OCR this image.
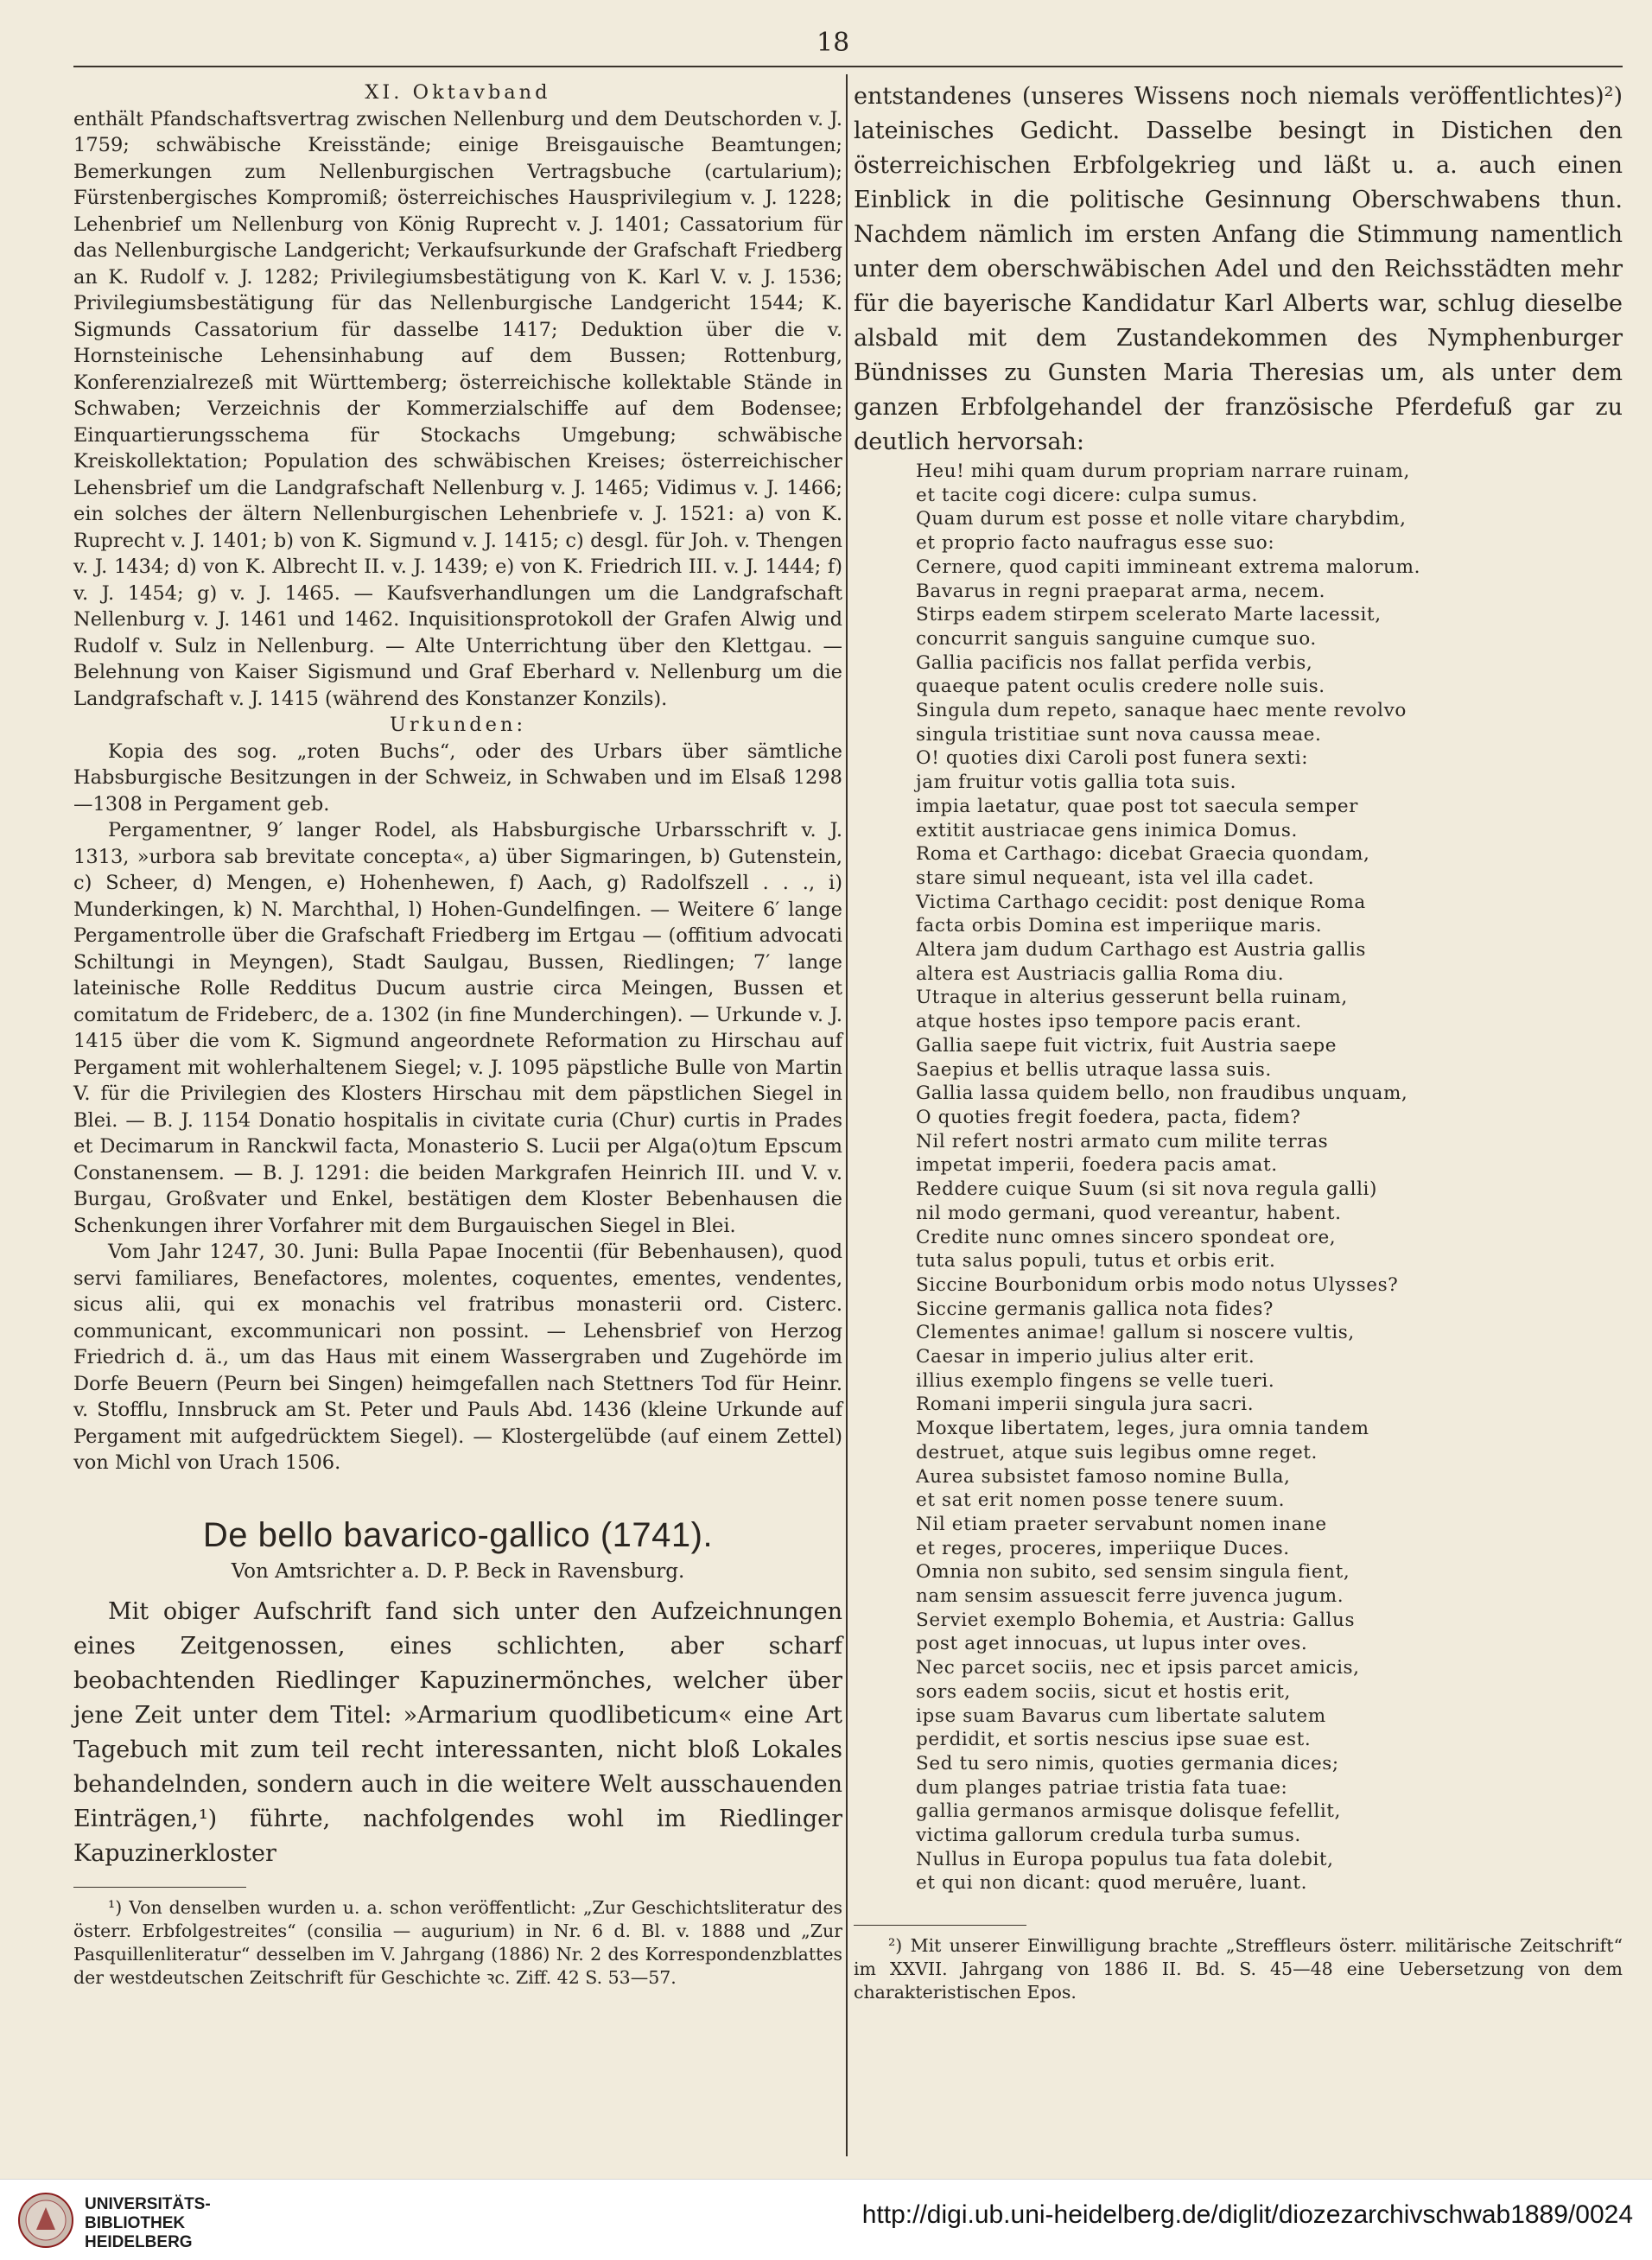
18

XI. Oktavband

enthält Pfandschaftsvertrag zwischen Nellenburg und dem Deutschorden v. J. 1759; schwäbische Kreisstände; einige Breisgauische Beamtungen; Bemerkungen zum Nellenburgischen Vertragsbuche (cartularium); Fürstenbergisches Kompromiß; österreichisches Hausprivilegium v. J. 1228; Lehenbrief um Nellenburg von König Ruprecht v. J. 1401; Cassatorium für das Nellenburgische Landgericht; Verkaufsurkunde der Grafschaft Friedberg an K. Rudolf v. J. 1282; Privilegiumsbestätigung von K. Karl V. v. J. 1536; Privilegiumsbestätigung für das Nellenburgische Landgericht 1544; K. Sigmunds Cassatorium für dasselbe 1417; Deduktion über die v. Hornsteinische Lehensinhabung auf dem Bussen; Rottenburg, Konferenzialrezeß mit Württemberg; österreichische kollektable Stände in Schwaben; Verzeichnis der Kommerzialschiffe auf dem Bodensee; Einquartierungsschema für Stockachs Umgebung; schwäbische Kreiskollektation; Population des schwäbischen Kreises; österreichischer Lehensbrief um die Landgrafschaft Nellenburg v. J. 1465; Vidimus v. J. 1466; ein solches der ältern Nellenburgischen Lehenbriefe v. J. 1521: a) von K. Ruprecht v. J. 1401; b) von K. Sigmund v. J. 1415; c) desgl. für Joh. v. Thengen v. J. 1434; d) von K. Albrecht II. v. J. 1439; e) von K. Friedrich III. v. J. 1444; f) v. J. 1454; g) v. J. 1465. — Kaufsverhandlungen um die Landgrafschaft Nellenburg v. J. 1461 und 1462. Inquisitionsprotokoll der Grafen Alwig und Rudolf v. Sulz in Nellenburg. — Alte Unterrichtung über den Klettgau. — Belehnung von Kaiser Sigismund und Graf Eberhard v. Nellenburg um die Landgrafschaft v. J. 1415 (während des Konstanzer Konzils).

Urkunden:

Kopia des sog. „roten Buchs“, oder des Urbars über sämtliche Habsburgische Besitzungen in der Schweiz, in Schwaben und im Elsaß 1298—1308 in Pergament geb.

Pergamentner, 9′ langer Rodel, als Habsburgische Urbarsschrift v. J. 1313, »urbora sab brevitate concepta«, a) über Sigmaringen, b) Gutenstein, c) Scheer, d) Mengen, e) Hohenhewen, f) Aach, g) Radolfszell . . ., i) Munderkingen, k) N. Marchthal, l) Hohen-Gundelfingen. — Weitere 6′ lange Pergamentrolle über die Grafschaft Friedberg im Ertgau — (offitium advocati Schiltungi in Meyngen), Stadt Saulgau, Bussen, Riedlingen; 7′ lange lateinische Rolle Redditus Ducum austrie circa Meingen, Bussen et comitatum de Frideberc, de a. 1302 (in fine Munderchingen). — Urkunde v. J. 1415 über die vom K. Sigmund angeordnete Reformation zu Hirschau auf Pergament mit wohlerhaltenem Siegel; v. J. 1095 päpstliche Bulle von Martin V. für die Privilegien des Klosters Hirschau mit dem päpstlichen Siegel in Blei. — B. J. 1154 Donatio hospitalis in civitate curia (Chur) curtis in Prades et Decimarum in Ranckwil facta, Monasterio S. Lucii per Alga(o)tum Epscum Constanensem. — B. J. 1291: die beiden Markgrafen Heinrich III. und V. v. Burgau, Großvater und Enkel, bestätigen dem Kloster Bebenhausen die Schenkungen ihrer Vorfahrer mit dem Burgauischen Siegel in Blei.

Vom Jahr 1247, 30. Juni: Bulla Papae Inocentii (für Bebenhausen), quod servi familiares, Benefactores, molentes, coquentes, ementes, vendentes, sicus alii, qui ex monachis vel fratribus monasterii ord. Cisterc. communicant, excommunicari non possint. — Lehensbrief von Herzog Friedrich d. ä., um das Haus mit einem Wassergraben und Zugehörde im Dorfe Beuern (Peurn bei Singen) heimgefallen nach Stettners Tod für Heinr. v. Stofflu, Innsbruck am St. Peter und Pauls Abd. 1436 (kleine Urkunde auf Pergament mit aufgedrücktem Siegel). — Klostergelübde (auf einem Zettel) von Michl von Urach 1506.

De bello bavarico-gallico (1741).

Von Amtsrichter a. D. P. Beck in Ravensburg.

Mit obiger Aufschrift fand sich unter den Aufzeichnungen eines Zeitgenossen, eines schlichten, aber scharf beobachtenden Riedlinger Kapuzinermönches, welcher über jene Zeit unter dem Titel: »Armarium quodlibeticum« eine Art Tagebuch mit zum teil recht interessanten, nicht bloß Lokales behandelnden, sondern auch in die weitere Welt ausschauenden Einträgen,¹) führte, nachfolgendes wohl im Riedlinger Kapuzinerkloster

¹) Von denselben wurden u. a. schon veröffentlicht: „Zur Geschichtsliteratur des österr. Erbfolgestreites“ (consilia — augurium) in Nr. 6 d. Bl. v. 1888 und „Zur Pasquillenliteratur“ desselben im V. Jahrgang (1886) Nr. 2 des Korrespondenzblattes der westdeutschen Zeitschrift für Geschichte ꝛc. Ziff. 42 S. 53—57.

entstandenes (unseres Wissens noch niemals veröffentlichtes)²) lateinisches Gedicht. Dasselbe besingt in Distichen den österreichischen Erbfolgekrieg und läßt u. a. auch einen Einblick in die politische Gesinnung Oberschwabens thun. Nachdem nämlich im ersten Anfang die Stimmung namentlich unter dem oberschwäbischen Adel und den Reichsstädten mehr für die bayerische Kandidatur Karl Alberts war, schlug dieselbe alsbald mit dem Zustandekommen des Nymphenburger Bündnisses zu Gunsten Maria Theresias um, als unter dem ganzen Erbfolgehandel der französische Pferdefuß gar zu deutlich hervorsah:

Heu! mihi quam durum propriam narrare ruinam,
et tacite cogi dicere: culpa sumus.
Quam durum est posse et nolle vitare charybdim,
et proprio facto naufragus esse suo:
Cernere, quod capiti immineant extrema malorum.
Bavarus in regni praeparat arma, necem.
Stirps eadem stirpem scelerato Marte lacessit,
concurrit sanguis sanguine cumque suo.
Gallia pacificis nos fallat perfida verbis,
quaeque patent oculis credere nolle suis.
Singula dum repeto, sanaque haec mente revolvo
singula tristitiae sunt nova caussa meae.
O! quoties dixi Caroli post funera sexti:
jam fruitur votis gallia tota suis.
impia laetatur, quae post tot saecula semper
extitit austriacae gens inimica Domus.
Roma et Carthago: dicebat Graecia quondam,
stare simul nequeant, ista vel illa cadet.
Victima Carthago cecidit: post denique Roma
facta orbis Domina est imperiique maris.
Altera jam dudum Carthago est Austria gallis
altera est Austriacis gallia Roma diu.
Utraque in alterius gesserunt bella ruinam,
atque hostes ipso tempore pacis erant.
Gallia saepe fuit victrix, fuit Austria saepe
Saepius et bellis utraque lassa suis.
Gallia lassa quidem bello, non fraudibus unquam,
O quoties fregit foedera, pacta, fidem?
Nil refert nostri armato cum milite terras
impetat imperii, foedera pacis amat.
Reddere cuique Suum (si sit nova regula galli)
nil modo germani, quod vereantur, habent.
Credite nunc omnes sincero spondeat ore,
tuta salus populi, tutus et orbis erit.
Siccine Bourbonidum orbis modo notus Ulysses?
Siccine germanis gallica nota fides?
Clementes animae! gallum si noscere vultis,
Caesar in imperio julius alter erit.
illius exemplo fingens se velle tueri.
Romani imperii singula jura sacri.
Moxque libertatem, leges, jura omnia tandem
destruet, atque suis legibus omne reget.
Aurea subsistet famoso nomine Bulla,
et sat erit nomen posse tenere suum.
Nil etiam praeter servabunt nomen inane
et reges, proceres, imperiique Duces.
Omnia non subito, sed sensim singula fient,
nam sensim assuescit ferre juvenca jugum.
Serviet exemplo Bohemia, et Austria: Gallus
post aget innocuas, ut lupus inter oves.
Nec parcet sociis, nec et ipsis parcet amicis,
sors eadem sociis, sicut et hostis erit,
ipse suam Bavarus cum libertate salutem
perdidit, et sortis nescius ipse suae est.
Sed tu sero nimis, quoties germania dices;
dum planges patriae tristia fata tuae:
gallia germanos armisque dolisque fefellit,
victima gallorum credula turba sumus.
Nullus in Europa populus tua fata dolebit,
et qui non dicant: quod meruêre, luant.

²) Mit unserer Einwilligung brachte „Streffleurs österr. militärische Zeitschrift“ im XXVII. Jahrgang von 1886 II. Bd. S. 45—48 eine Uebersetzung von dem charakteristischen Epos.

UNIVERSITÄTS-
BIBLIOTHEK
HEIDELBERG
http://digi.ub.uni-heidelberg.de/diglit/diozezarchivschwab1889/0024
